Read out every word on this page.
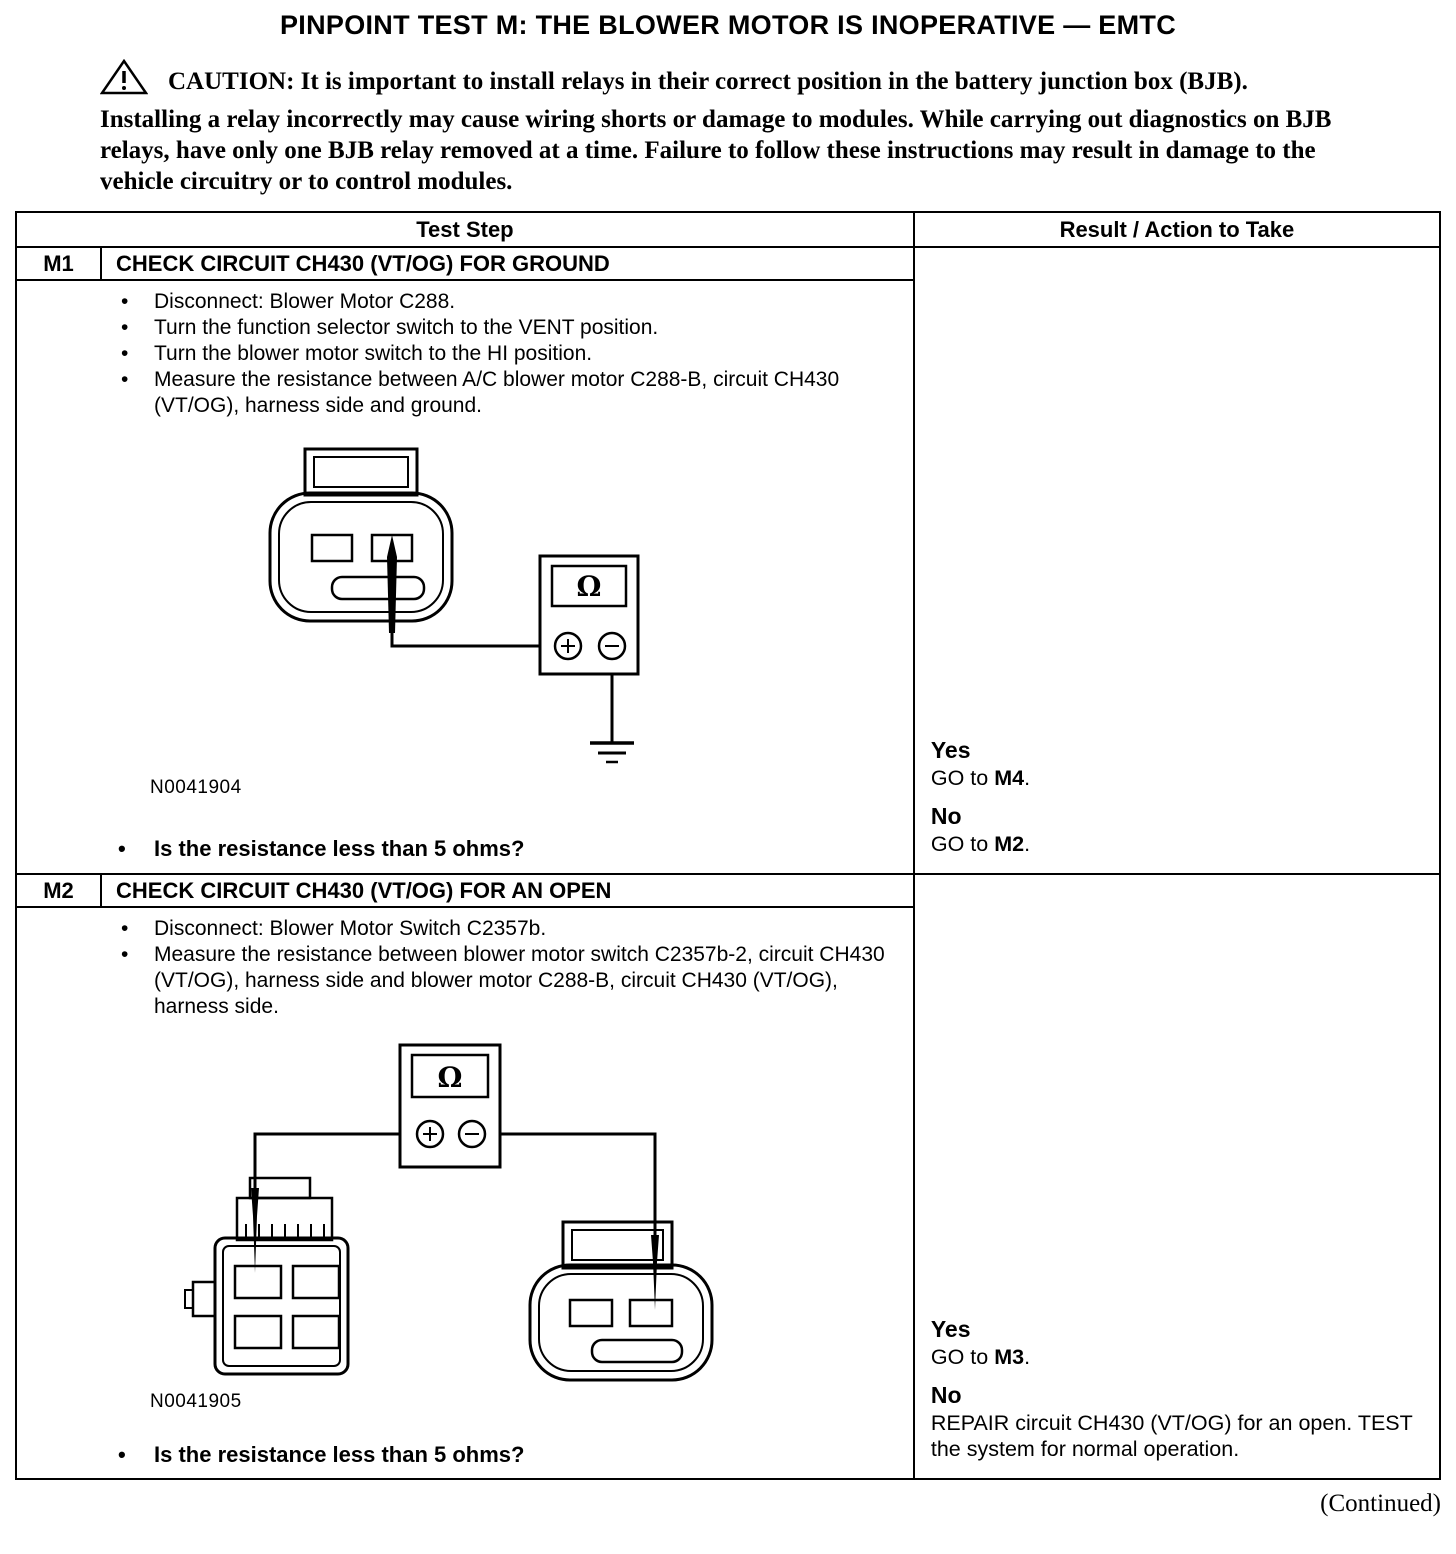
PINPOINT TEST M: THE BLOWER MOTOR IS INOPERATIVE — EMTC
CAUTION: It is important to install relays in their correct position in the battery junction box (BJB). Installing a relay incorrectly may cause wiring shorts or damage to modules. While carrying out diagnostics on BJB relays, have only one BJB relay removed at a time. Failure to follow these instructions may result in damage to the vehicle circuitry or to control modules.
Test Step	Result / Action to Take
M1	CHECK CIRCUIT CH430 (VT/OG) FOR GROUND
• Disconnect: Blower Motor C288.
• Turn the function selector switch to the VENT position.
• Turn the blower motor switch to the HI position.
• Measure the resistance between A/C blower motor C288-B, circuit CH430 (VT/OG), harness side and ground.
Ω
N0041904
• Is the resistance less than 5 ohms?
Yes
GO to M4.
No
GO to M2.
M2	CHECK CIRCUIT CH430 (VT/OG) FOR AN OPEN
• Disconnect: Blower Motor Switch C2357b.
• Measure the resistance between blower motor switch C2357b-2, circuit CH430 (VT/OG), harness side and blower motor C288-B, circuit CH430 (VT/OG), harness side.
Ω
N0041905
• Is the resistance less than 5 ohms?
Yes
GO to M3.
No
REPAIR circuit CH430 (VT/OG) for an open. TEST the system for normal operation.
(Continued)
